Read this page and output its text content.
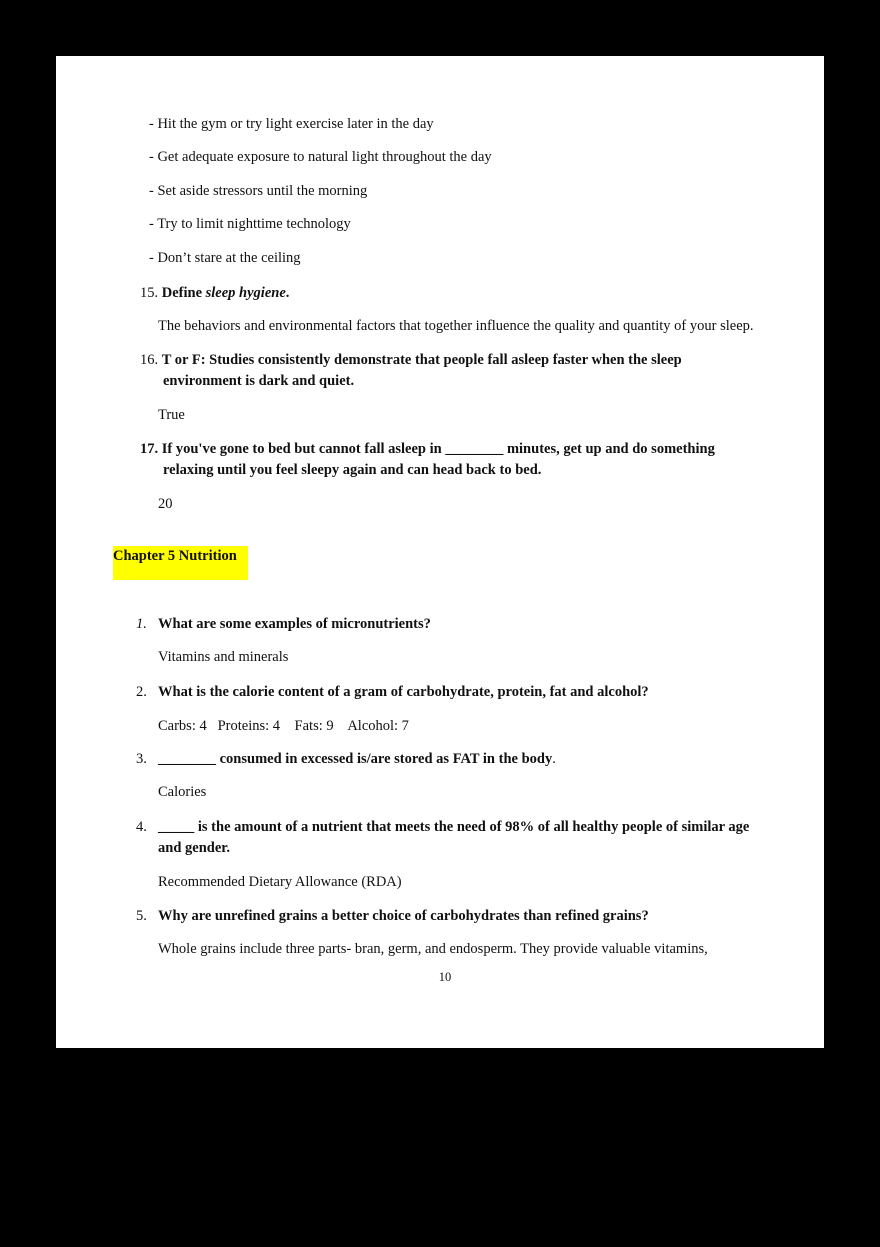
- Hit the gym or try light exercise later in the day
- Get adequate exposure to natural light throughout the day
- Set aside stressors until the morning
- Try to limit nighttime technology
- Don’t stare at the ceiling
15. Define sleep hygiene.
The behaviors and environmental factors that together influence the quality and quantity of your sleep.
16. T or F: Studies consistently demonstrate that people fall asleep faster when the sleep
environment is dark and quiet.
True
17. If you've gone to bed but cannot fall asleep in ________ minutes, get up and do something
relaxing until you feel sleepy again and can head back to bed.
20
Chapter 5 Nutrition
1. What are some examples of micronutrients?
Vitamins and minerals
2. What is the calorie content of a gram of carbohydrate, protein, fat and alcohol?
Carbs: 4   Proteins: 4    Fats: 9    Alcohol: 7
3. ________ consumed in excessed is/are stored as FAT in the body.
Calories
4. _____ is the amount of a nutrient that meets the need of 98% of all healthy people of similar age
and gender.
Recommended Dietary Allowance (RDA)
5. Why are unrefined grains a better choice of carbohydrates than refined grains?
Whole grains include three parts- bran, germ, and endosperm. They provide valuable vitamins,
10
